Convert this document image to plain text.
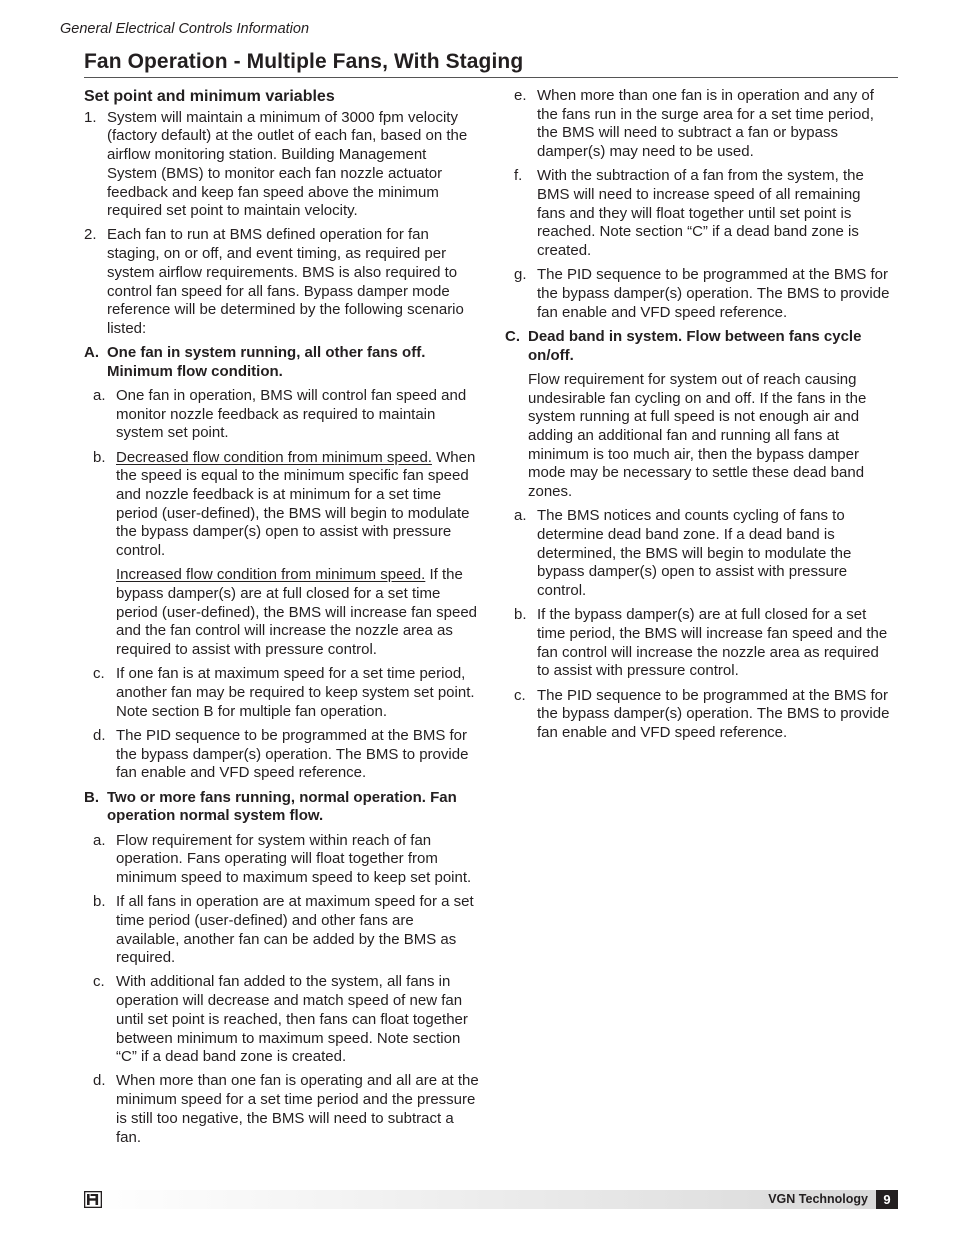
General Electrical Controls Information
Fan Operation - Multiple Fans, With Staging
Set point and minimum variables
1. System will maintain a minimum of 3000 fpm velocity (factory default) at the outlet of each fan, based on the airflow monitoring station. Building Management System (BMS) to monitor each fan nozzle actuator feedback and keep fan speed above the minimum required set point to maintain velocity.
2. Each fan to run at BMS defined operation for fan staging, on or off, and event timing, as required per system airflow requirements. BMS is also required to control fan speed for all fans. Bypass damper mode reference will be determined by the following scenario listed:
A. One fan in system running, all other fans off. Minimum flow condition.
a. One fan in operation, BMS will control fan speed and monitor nozzle feedback as required to maintain system set point.
b. Decreased flow condition from minimum speed. When the speed is equal to the minimum specific fan speed and nozzle feedback is at minimum for a set time period (user-defined), the BMS will begin to modulate the bypass damper(s) open to assist with pressure control.
Increased flow condition from minimum speed. If the bypass damper(s) are at full closed for a set time period (user-defined), the BMS will increase fan speed and the fan control will increase the nozzle area as required to assist with pressure control.
c. If one fan is at maximum speed for a set time period, another fan may be required to keep system set point. Note section B for multiple fan operation.
d. The PID sequence to be programmed at the BMS for the bypass damper(s) operation. The BMS to provide fan enable and VFD speed reference.
B. Two or more fans running, normal operation. Fan operation normal system flow.
a. Flow requirement for system within reach of fan operation. Fans operating will float together from minimum speed to maximum speed to keep set point.
b. If all fans in operation are at maximum speed for a set time period (user-defined) and other fans are available, another fan can be added by the BMS as required.
c. With additional fan added to the system, all fans in operation will decrease and match speed of new fan until set point is reached, then fans can float together between minimum to maximum speed. Note section “C” if a dead band zone is created.
d. When more than one fan is operating and all are at the minimum speed for a set time period and the pressure is still too negative, the BMS will need to subtract a fan.
e. When more than one fan is in operation and any of the fans run in the surge area for a set time period, the BMS will need to subtract a fan or bypass damper(s) may need to be used.
f. With the subtraction of a fan from the system, the BMS will need to increase speed of all remaining fans and they will float together until set point is reached. Note section “C” if a dead band zone is created.
g. The PID sequence to be programmed at the BMS for the bypass damper(s) operation. The BMS to provide fan enable and VFD speed reference.
C. Dead band in system. Flow between fans cycle on/off.
Flow requirement for system out of reach causing undesirable fan cycling on and off. If the fans in the system running at full speed is not enough air and adding an additional fan and running all fans at minimum is too much air, then the bypass damper mode may be necessary to settle these dead band zones.
a. The BMS notices and counts cycling of fans to determine dead band zone. If a dead band is determined, the BMS will begin to modulate the bypass damper(s) open to assist with pressure control.
b. If the bypass damper(s) are at full closed for a set time period, the BMS will increase fan speed and the fan control will increase the nozzle area as required to assist with pressure control.
c. The PID sequence to be programmed at the BMS for the bypass damper(s) operation. The BMS to provide fan enable and VFD speed reference.
VGN Technology	9
